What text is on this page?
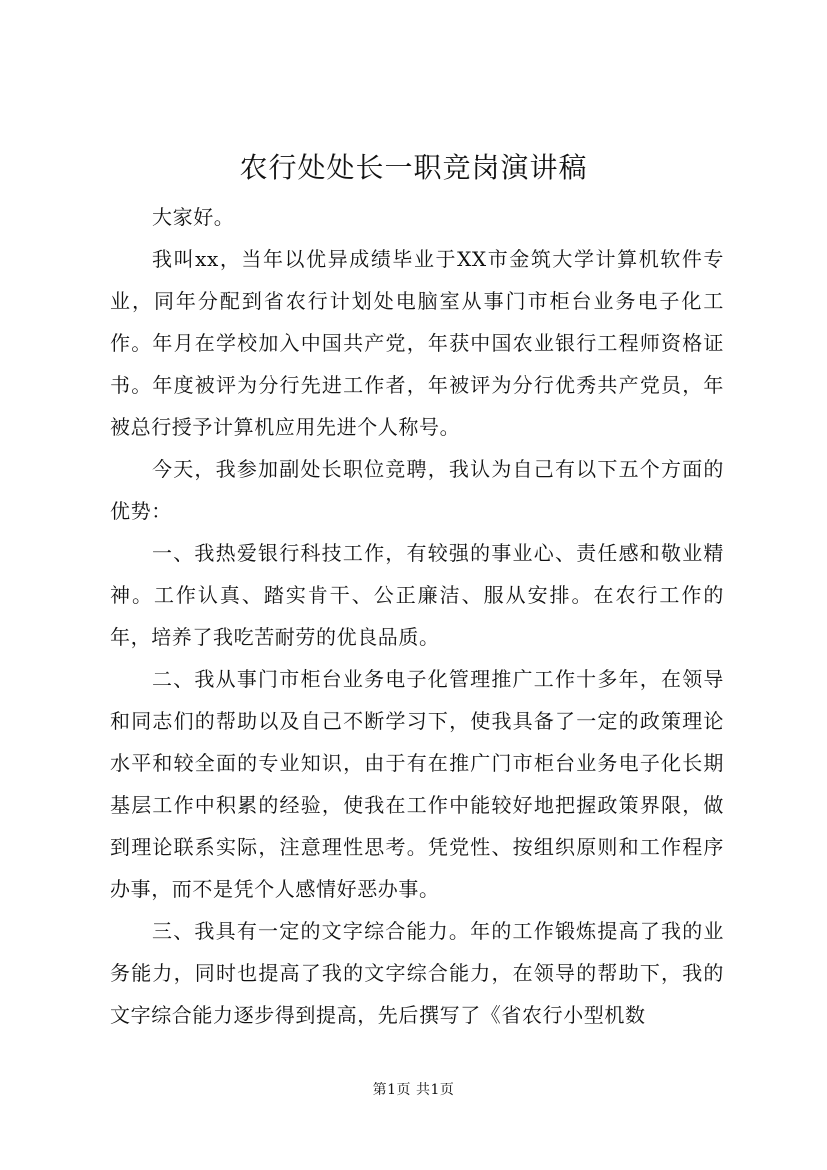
农行处处长一职竞岗演讲稿

大家好。

我叫xx，当年以优异成绩毕业于XX市金筑大学计算机软件专业，同年分配到省农行计划处电脑室从事门市柜台业务电子化工作。年月在学校加入中国共产党，年获中国农业银行工程师资格证书。年度被评为分行先进工作者，年被评为分行优秀共产党员，年被总行授予计算机应用先进个人称号。

今天，我参加副处长职位竞聘，我认为自己有以下五个方面的优势：

一、我热爱银行科技工作，有较强的事业心、责任感和敬业精神。工作认真、踏实肯干、公正廉洁、服从安排。在农行工作的年，培养了我吃苦耐劳的优良品质。

二、我从事门市柜台业务电子化管理推广工作十多年，在领导和同志们的帮助以及自己不断学习下，使我具备了一定的政策理论水平和较全面的专业知识，由于有在推广门市柜台业务电子化长期基层工作中积累的经验，使我在工作中能较好地把握政策界限，做到理论联系实际，注意理性思考。凭党性、按组织原则和工作程序办事，而不是凭个人感情好恶办事。

三、我具有一定的文字综合能力。年的工作锻炼提高了我的业务能力，同时也提高了我的文字综合能力，在领导的帮助下，我的文字综合能力逐步得到提高，先后撰写了《省农行小型机数

第1页 共1页
